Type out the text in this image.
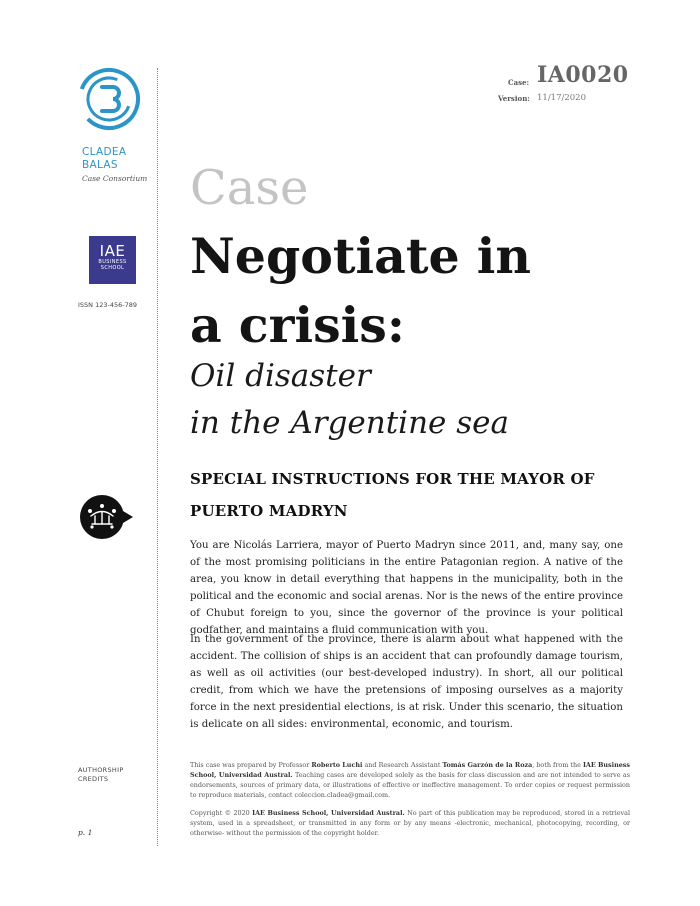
CLADEA
BALAS
Case Consortium
IAE
BUSINESS
SCHOOL
ISSN 123-456-789
AUTHORSHIP
CREDITS
p. 1
Case: IA0020
Version: 11/17/2020
Case
Negotiate in
a crisis:
Oil disaster
in the Argentine sea
SPECIAL INSTRUCTIONS FOR THE MAYOR OF
PUERTO MADRYN
You are Nicolás Larriera, mayor of Puerto Madryn since 2011, and, many say, one of the most promising politicians in the entire Patagonian region. A native of the area, you know in detail everything that happens in the municipality, both in the political and the economic and social arenas. Nor is the news of the entire province of Chubut foreign to you, since the governor of the province is your political godfather, and maintains a fluid communication with you.
In the government of the province, there is alarm about what happened with the accident. The collision of ships is an accident that can profoundly damage tourism, as well as oil activities (our best-developed industry). In short, all our political credit, from which we have the pretensions of imposing ourselves as a majority force in the next presidential elections, is at risk. Under this scenario, the situation is delicate on all sides: environmental, economic, and tourism.
This case was prepared by Professor Roberto Luchi and Research Assistant Tomás Garzón de la Roza, both from the IAE Business School, Universidad Austral. Teaching cases are developed solely as the basis for class discussion and are not intended to serve as endorsements, sources of primary data, or illustrations of effective or ineffective management. To order copies or request permission to reproduce materials, contact coleccion.cladea@gmail.com.
Copyright © 2020 IAE Business School, Universidad Austral. No part of this publication may be reproduced, stored in a retrieval system, used in a spreadsheet, or transmitted in any form or by any means -electronic, mechanical, photocopying, recording, or otherwise- without the permission of the copyright holder.
